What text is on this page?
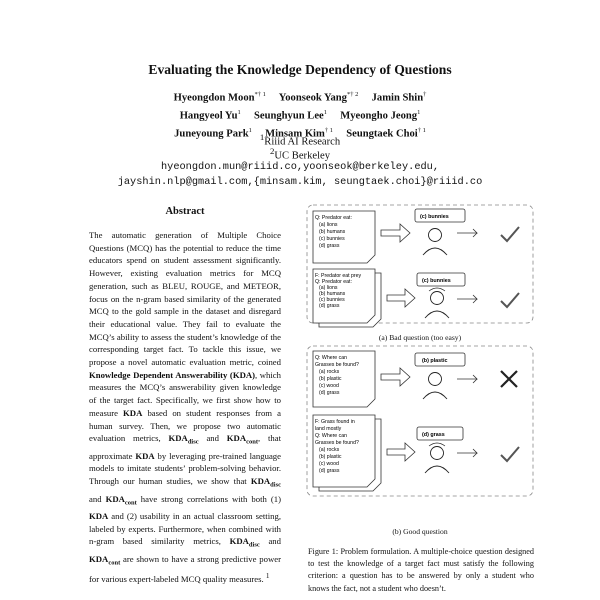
Evaluating the Knowledge Dependency of Questions
Hyeongdon Moon$^{*\dagger 1}$ Yoonseok Yang$^{*\dagger 2}$ Jamin Shin†
Hangyeol Yu$^1$ Seunghyun Lee$^1$ Myeongho Jeong$^1$
Juneyoung Park$^1$ Minsam Kim$^{\dagger 1}$ Seungtaek Choi$^{\dagger 1}$
$^1$Riiid AI Research
$^2$UC Berkeley
hyeongdon.mun@riiid.co,yoonseok@berkeley.edu,
jayshin.nlp@gmail.com,{minsam.kim, seungtaek.choi}@riiid.co
Abstract
The automatic generation of Multiple Choice Questions (MCQ) has the potential to reduce the time educators spend on student assessment significantly. However, existing evaluation metrics for MCQ generation, such as BLEU, ROUGE, and METEOR, focus on the n-gram based similarity of the generated MCQ to the gold sample in the dataset and disregard their educational value. They fail to evaluate the MCQ’s ability to assess the student’s knowledge of the corresponding target fact. To tackle this issue, we propose a novel automatic evaluation metric, coined Knowledge Dependent Answerability (KDA), which measures the MCQ’s answerability given knowledge of the target fact. Specifically, we first show how to measure KDA based on student responses from a human survey. Then, we propose two automatic evaluation metrics, $KDA_{disc}$ and $KDA_{cont}$, that approximate KDA by leveraging pre-trained language models to imitate students’ problem-solving behavior. Through our human studies, we show that $KDA_{disc}$ and $KDA_{cont}$ have strong correlations with both (1) KDA and (2) usability in an actual classroom setting, labeled by experts. Furthermore, when combined with n-gram based similarity metrics, $KDA_{disc}$ and $KDA_{cont}$ are shown to have a strong predictive power for various expert-labeled MCQ quality measures. $^1$
Q: Predator eat:
(a) lions
(b) humans
(c) bunnies
(d) grass
(c) bunnies
F: Predator eat prey
Q: Predator eat:
(a) lions
(b) humans
(c) bunnies
(d) grass
(c) bunnies
Q: Where can
Grasses be found?
(a) rocks
(b) plastic
(c) wood
(d) grass
(b) plastic
F: Grass found in
land mostly
Q: Where can
Grasses be found?
(a) rocks
(b) plastic
(c) wood
(d) grass
(d) grass
(a) Bad question (too easy)
(b) Good question
Figure 1: Problem formulation. A multiple-choice question designed to test the knowledge of a target fact must satisfy the following criterion: a question has to be answered by only a student who knows the fact, not a student who doesn’t.
